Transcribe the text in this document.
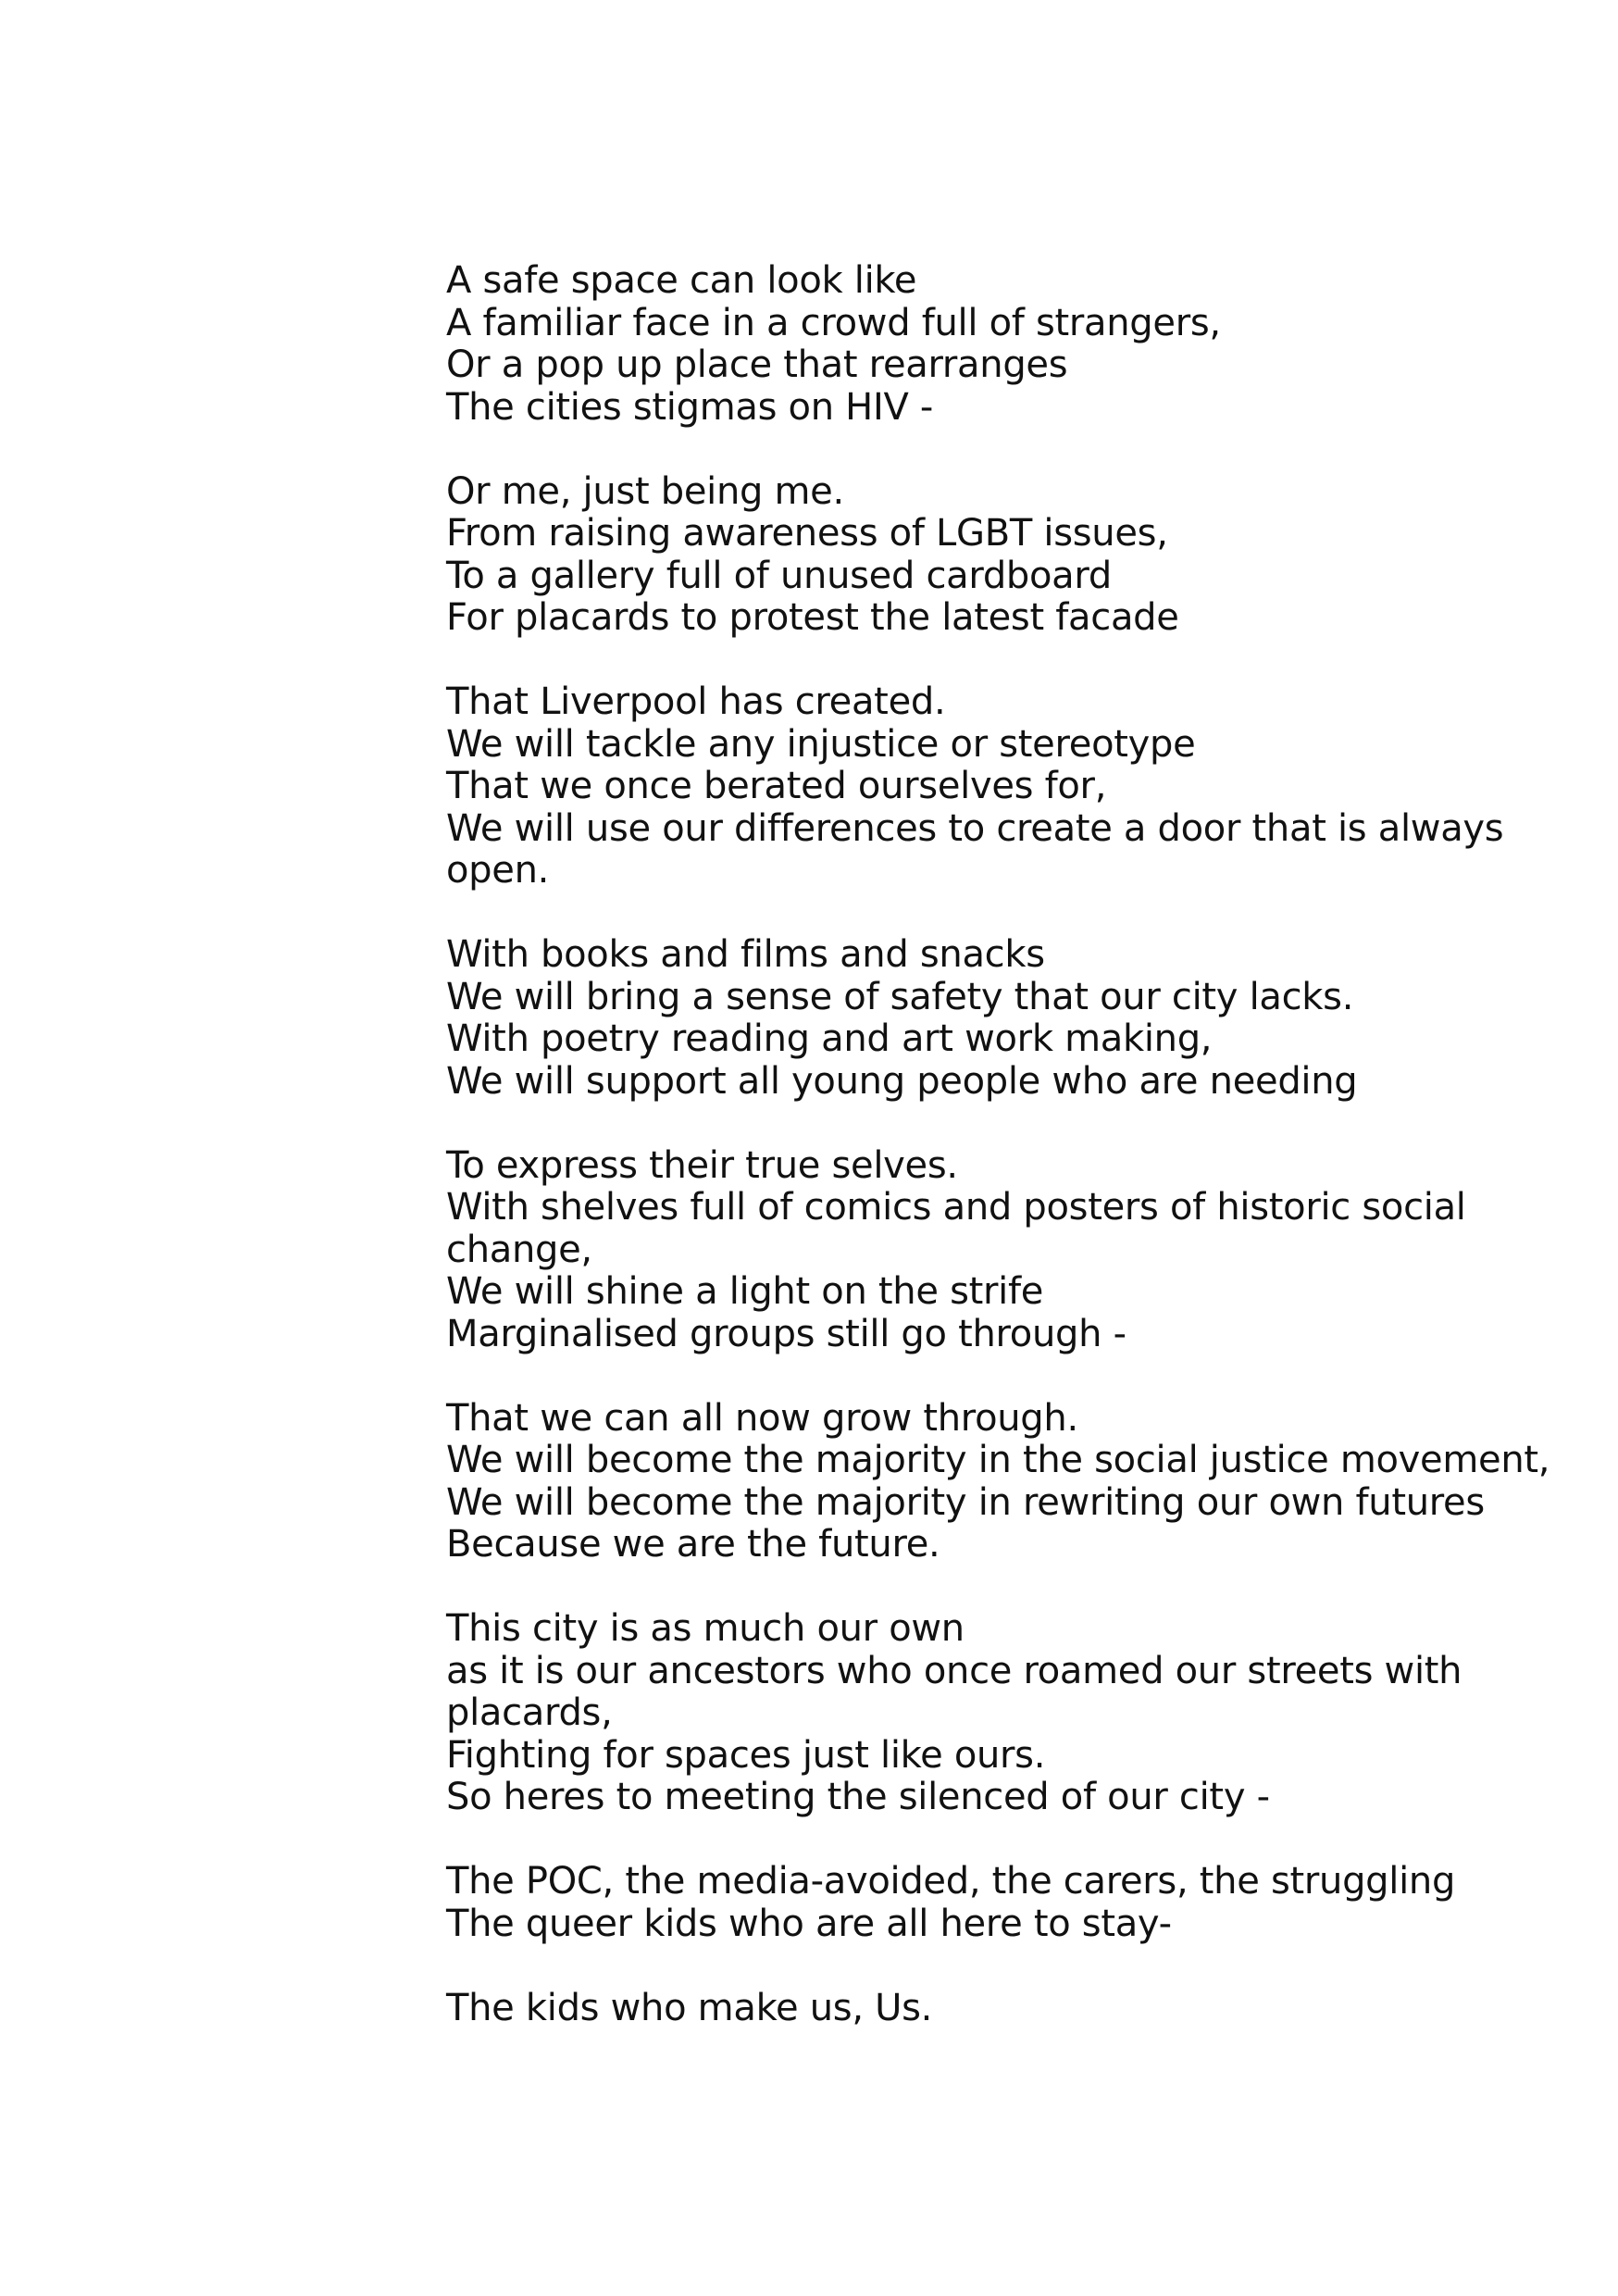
A safe space can look like
A familiar face in a crowd full of strangers,
Or a pop up place that rearranges
The cities stigmas on HIV -
Or me, just being me.
From raising awareness of LGBT issues,
To a gallery full of unused cardboard
For placards to protest the latest facade
That Liverpool has created.
We will tackle any injustice or stereotype
That we once berated ourselves for,
We will use our differences to create a door that is always
open.
With books and films and snacks
We will bring a sense of safety that our city lacks.
With poetry reading and art work making,
We will support all young people who are needing
To express their true selves.
With shelves full of comics and posters of historic social
change,
We will shine a light on the strife
Marginalised groups still go through -
That we can all now grow through.
We will become the majority in the social justice movement,
We will become the majority in rewriting our own futures
Because we are the future.
This city is as much our own
as it is our ancestors who once roamed our streets with
placards,
Fighting for spaces just like ours.
So heres to meeting the silenced of our city -
The POC, the media-avoided, the carers, the struggling
The queer kids who are all here to stay-
The kids who make us, Us.
